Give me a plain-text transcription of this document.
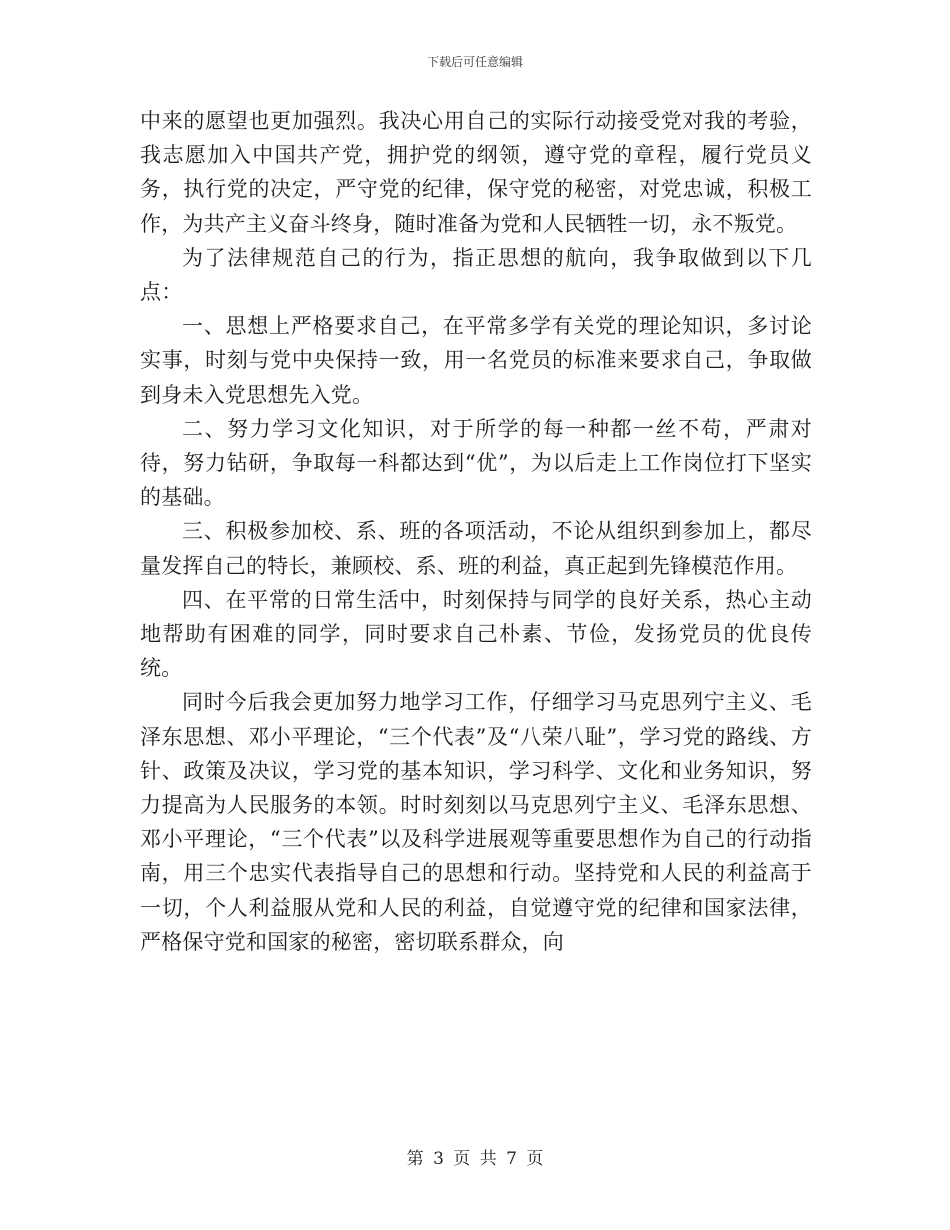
下载后可任意编辑

中来的愿望也更加强烈。我决心用自己的实际行动接受党对我的考验，我志愿加入中国共产党，拥护党的纲领，遵守党的章程，履行党员义务，执行党的决定，严守党的纪律，保守党的秘密，对党忠诚，积极工作，为共产主义奋斗终身，随时准备为党和人民牺牲一切，永不叛党。

为了法律规范自己的行为，指正思想的航向，我争取做到以下几点：

一、思想上严格要求自己，在平常多学有关党的理论知识，多讨论实事，时刻与党中央保持一致，用一名党员的标准来要求自己，争取做到身未入党思想先入党。

二、努力学习文化知识，对于所学的每一种都一丝不苟，严肃对待，努力钻研，争取每一科都达到“优”，为以后走上工作岗位打下坚实的基础。

三、积极参加校、系、班的各项活动，不论从组织到参加上，都尽量发挥自己的特长，兼顾校、系、班的利益，真正起到先锋模范作用。

四、在平常的日常生活中，时刻保持与同学的良好关系，热心主动地帮助有困难的同学，同时要求自己朴素、节俭，发扬党员的优良传统。

同时今后我会更加努力地学习工作，仔细学习马克思列宁主义、毛泽东思想、邓小平理论，“三个代表”及“八荣八耻”，学习党的路线、方针、政策及决议，学习党的基本知识，学习科学、文化和业务知识，努力提高为人民服务的本领。时时刻刻以马克思列宁主义、毛泽东思想、邓小平理论，“三个代表”以及科学进展观等重要思想作为自己的行动指南，用三个忠实代表指导自己的思想和行动。坚持党和人民的利益高于一切，个人利益服从党和人民的利益，自觉遵守党的纪律和国家法律，严格保守党和国家的秘密，密切联系群众，向

第 3 页 共 7 页
